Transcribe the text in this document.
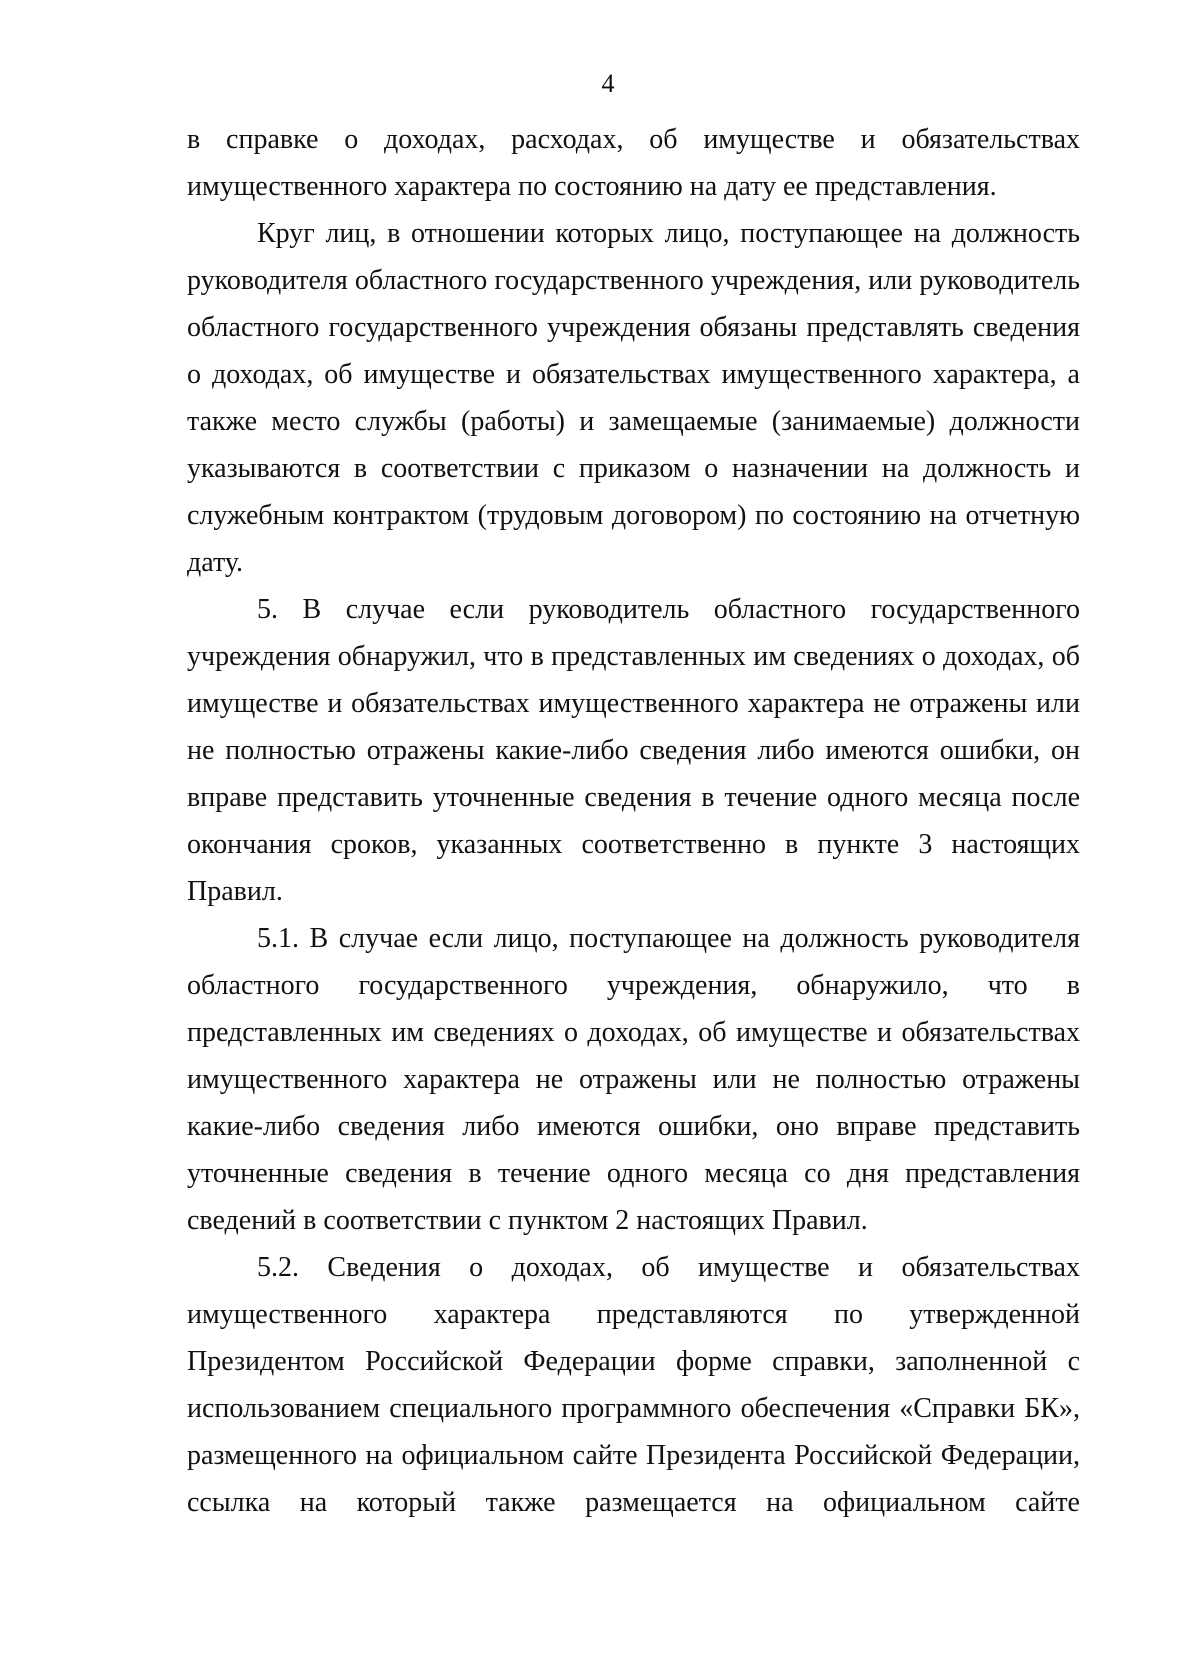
4

в справке о доходах, расходах, об имуществе и обязательствах имущественного характера по состоянию на дату ее представления.

Круг лиц, в отношении которых лицо, поступающее на должность руководителя областного государственного учреждения, или руководитель областного государственного учреждения обязаны представлять сведения о доходах, об имуществе и обязательствах имущественного характера, а также место службы (работы) и замещаемые (занимаемые) должности указываются в соответствии с приказом о назначении на должность и служебным контрактом (трудовым договором) по состоянию на отчетную дату.

5. В случае если руководитель областного государственного учреждения обнаружил, что в представленных им сведениях о доходах, об имуществе и обязательствах имущественного характера не отражены или не полностью отражены какие-либо сведения либо имеются ошибки, он вправе представить уточненные сведения в течение одного месяца после окончания сроков, указанных соответственно в пункте 3 настоящих Правил.

5.1. В случае если лицо, поступающее на должность руководителя областного государственного учреждения, обнаружило, что в представленных им сведениях о доходах, об имуществе и обязательствах имущественного характера не отражены или не полностью отражены какие-либо сведения либо имеются ошибки, оно вправе представить уточненные сведения в течение одного месяца со дня представления сведений в соответствии с пунктом 2 настоящих Правил.

5.2. Сведения о доходах, об имуществе и обязательствах имущественного характера представляются по утвержденной Президентом Российской Федерации форме справки, заполненной с использованием специального программного обеспечения «Справки БК», размещенного на официальном сайте Президента Российской Федерации, ссылка на который также размещается на официальном сайте
